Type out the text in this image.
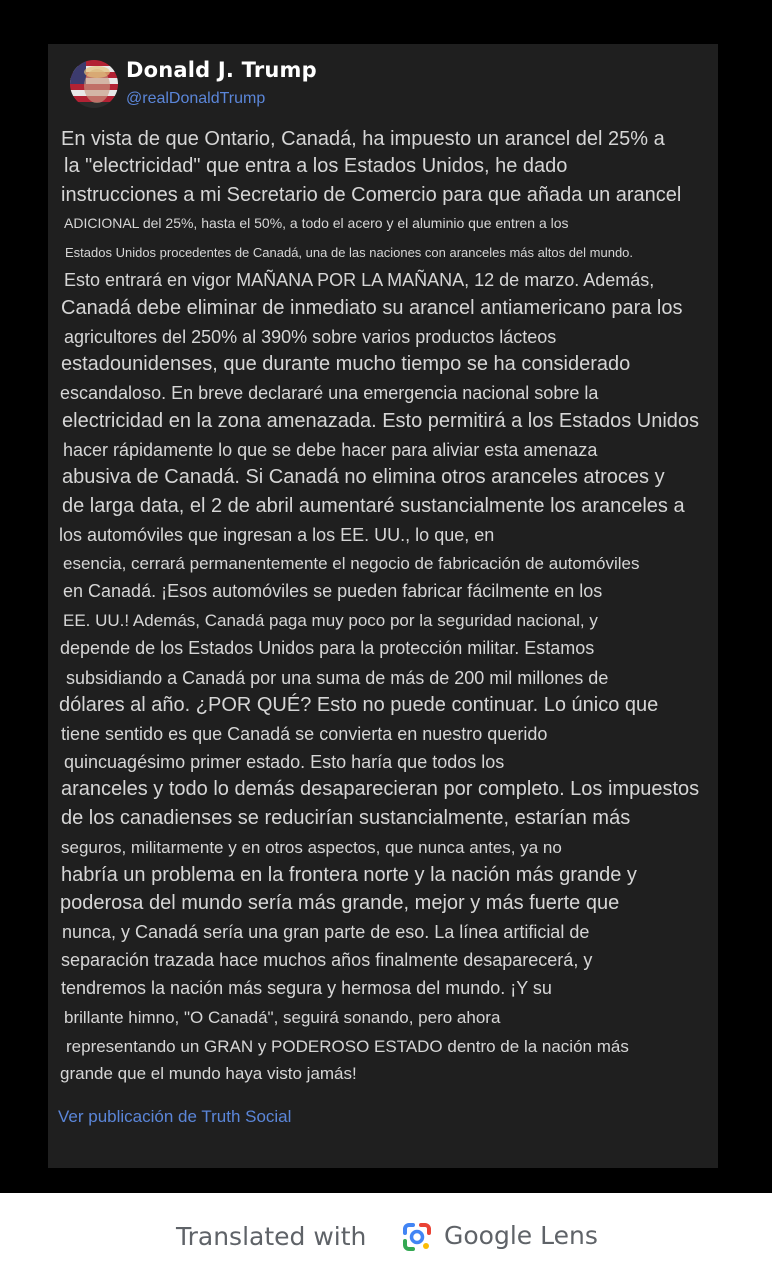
Donald J. Trump
@realDonaldTrump
En vista de que Ontario, Canadá, ha impuesto un arancel del 25% a
la "electricidad" que entra a los Estados Unidos, he dado
instrucciones a mi Secretario de Comercio para que añada un arancel
ADICIONAL del 25%, hasta el 50%, a todo el acero y el aluminio que entren a los
Estados Unidos procedentes de Canadá, una de las naciones con aranceles más altos del mundo.
Esto entrará en vigor MAÑANA POR LA MAÑANA, 12 de marzo. Además,
Canadá debe eliminar de inmediato su arancel antiamericano para los
agricultores del 250% al 390% sobre varios productos lácteos
estadounidenses, que durante mucho tiempo se ha considerado
escandaloso. En breve declararé una emergencia nacional sobre la
electricidad en la zona amenazada. Esto permitirá a los Estados Unidos
hacer rápidamente lo que se debe hacer para aliviar esta amenaza
abusiva de Canadá. Si Canadá no elimina otros aranceles atroces y
de larga data, el 2 de abril aumentaré sustancialmente los aranceles a
los automóviles que ingresan a los EE. UU., lo que, en
esencia, cerrará permanentemente el negocio de fabricación de automóviles
en Canadá. ¡Esos automóviles se pueden fabricar fácilmente en los
EE. UU.! Además, Canadá paga muy poco por la seguridad nacional, y
depende de los Estados Unidos para la protección militar. Estamos
subsidiando a Canadá por una suma de más de 200 mil millones de
dólares al año. ¿POR QUÉ? Esto no puede continuar. Lo único que
tiene sentido es que Canadá se convierta en nuestro querido
quincuagésimo primer estado. Esto haría que todos los
aranceles y todo lo demás desaparecieran por completo. Los impuestos
de los canadienses se reducirían sustancialmente, estarían más
seguros, militarmente y en otros aspectos, que nunca antes, ya no
habría un problema en la frontera norte y la nación más grande y
poderosa del mundo sería más grande, mejor y más fuerte que
nunca, y Canadá sería una gran parte de eso. La línea artificial de
separación trazada hace muchos años finalmente desaparecerá, y
tendremos la nación más segura y hermosa del mundo. ¡Y su
brillante himno, "O Canadá", seguirá sonando, pero ahora
representando un GRAN y PODEROSO ESTADO dentro de la nación más
grande que el mundo haya visto jamás!
Ver publicación de Truth Social
Translated with	Google Lens
